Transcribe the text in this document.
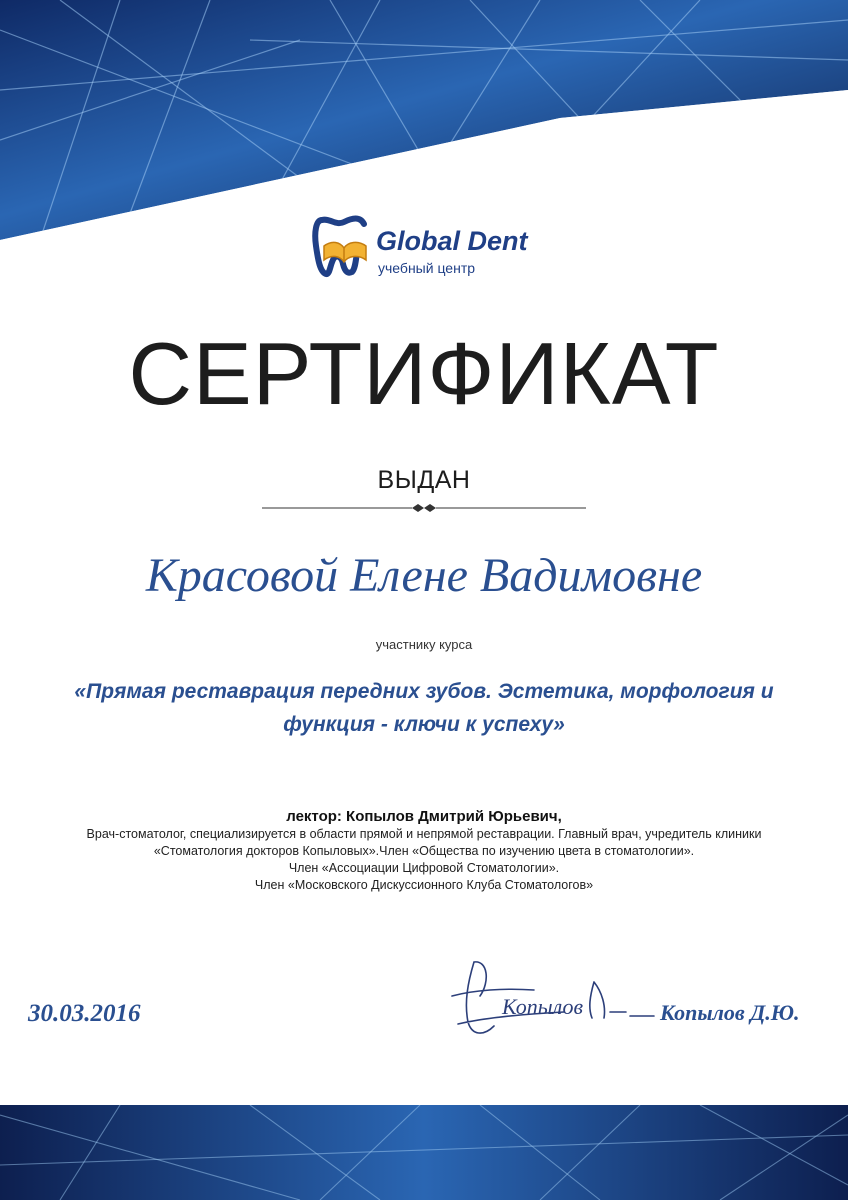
Global Dent
учебный центр
СЕРТИФИКАТ
ВЫДАН
Красовой Елене Вадимовне
участнику курса
«Прямая реставрация передних зубов. Эстетика, морфология и функция - ключи к успеху»
лектор: Копылов Дмитрий Юрьевич,
Врач-стоматолог, специализируется в области прямой и непрямой реставрации. Главный врач, учредитель клиники
«Стоматология докторов Копыловых».Член «Общества по изучению цвета в стоматологии».
Член «Ассоциации Цифровой Стоматологии».
Член «Московского Дискуссионного Клуба Стоматологов»
30.03.2016	Копылов	Копылов Д.Ю.
